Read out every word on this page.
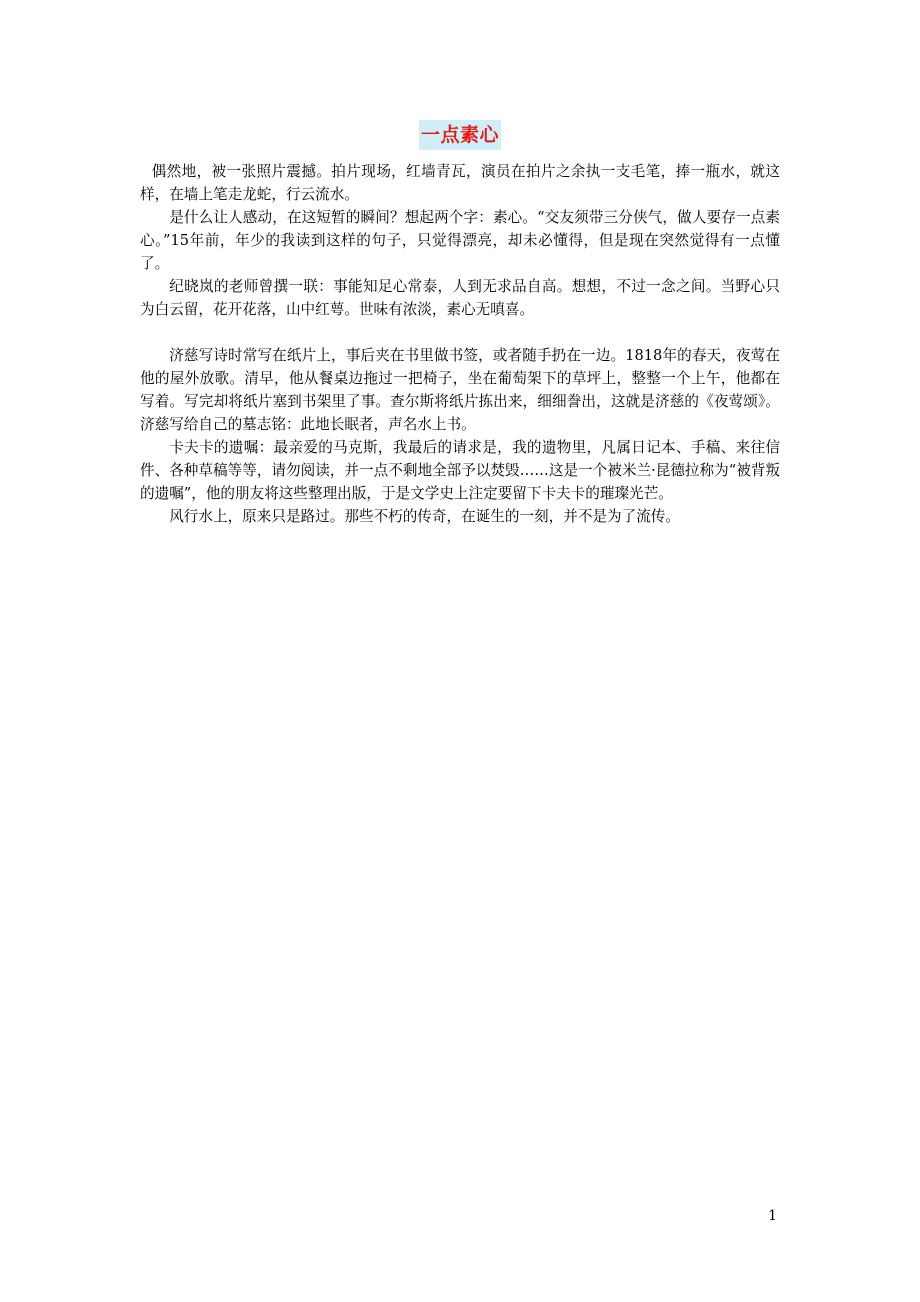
一点素心

偶然地，被一张照片震撼。拍片现场，红墙青瓦，演员在拍片之余执一支毛笔，捧一瓶水，就这样，在墙上笔走龙蛇，行云流水。

是什么让人感动，在这短暂的瞬间？想起两个字：素心。“交友须带三分侠气，做人要存一点素心。”15年前，年少的我读到这样的句子，只觉得漂亮，却未必懂得，但是现在突然觉得有一点懂了。

纪晓岚的老师曾撰一联：事能知足心常泰，人到无求品自高。想想，不过一念之间。当野心只为白云留，花开花落，山中红萼。世味有浓淡，素心无嗔喜。

济慈写诗时常写在纸片上，事后夹在书里做书签，或者随手扔在一边。1818年的春天，夜莺在他的屋外放歌。清早，他从餐桌边拖过一把椅子，坐在葡萄架下的草坪上，整整一个上午，他都在写着。写完却将纸片塞到书架里了事。查尔斯将纸片拣出来，细细誊出，这就是济慈的《夜莺颂》。济慈写给自己的墓志铭：此地长眠者，声名水上书。

卡夫卡的遗嘱：最亲爱的马克斯，我最后的请求是，我的遗物里，凡属日记本、手稿、来往信件、各种草稿等等，请勿阅读，并一点不剩地全部予以焚毁……这是一个被米兰·昆德拉称为“被背叛的遗嘱”，他的朋友将这些整理出版，于是文学史上注定要留下卡夫卡的璀璨光芒。

风行水上，原来只是路过。那些不朽的传奇，在诞生的一刻，并不是为了流传。

1
